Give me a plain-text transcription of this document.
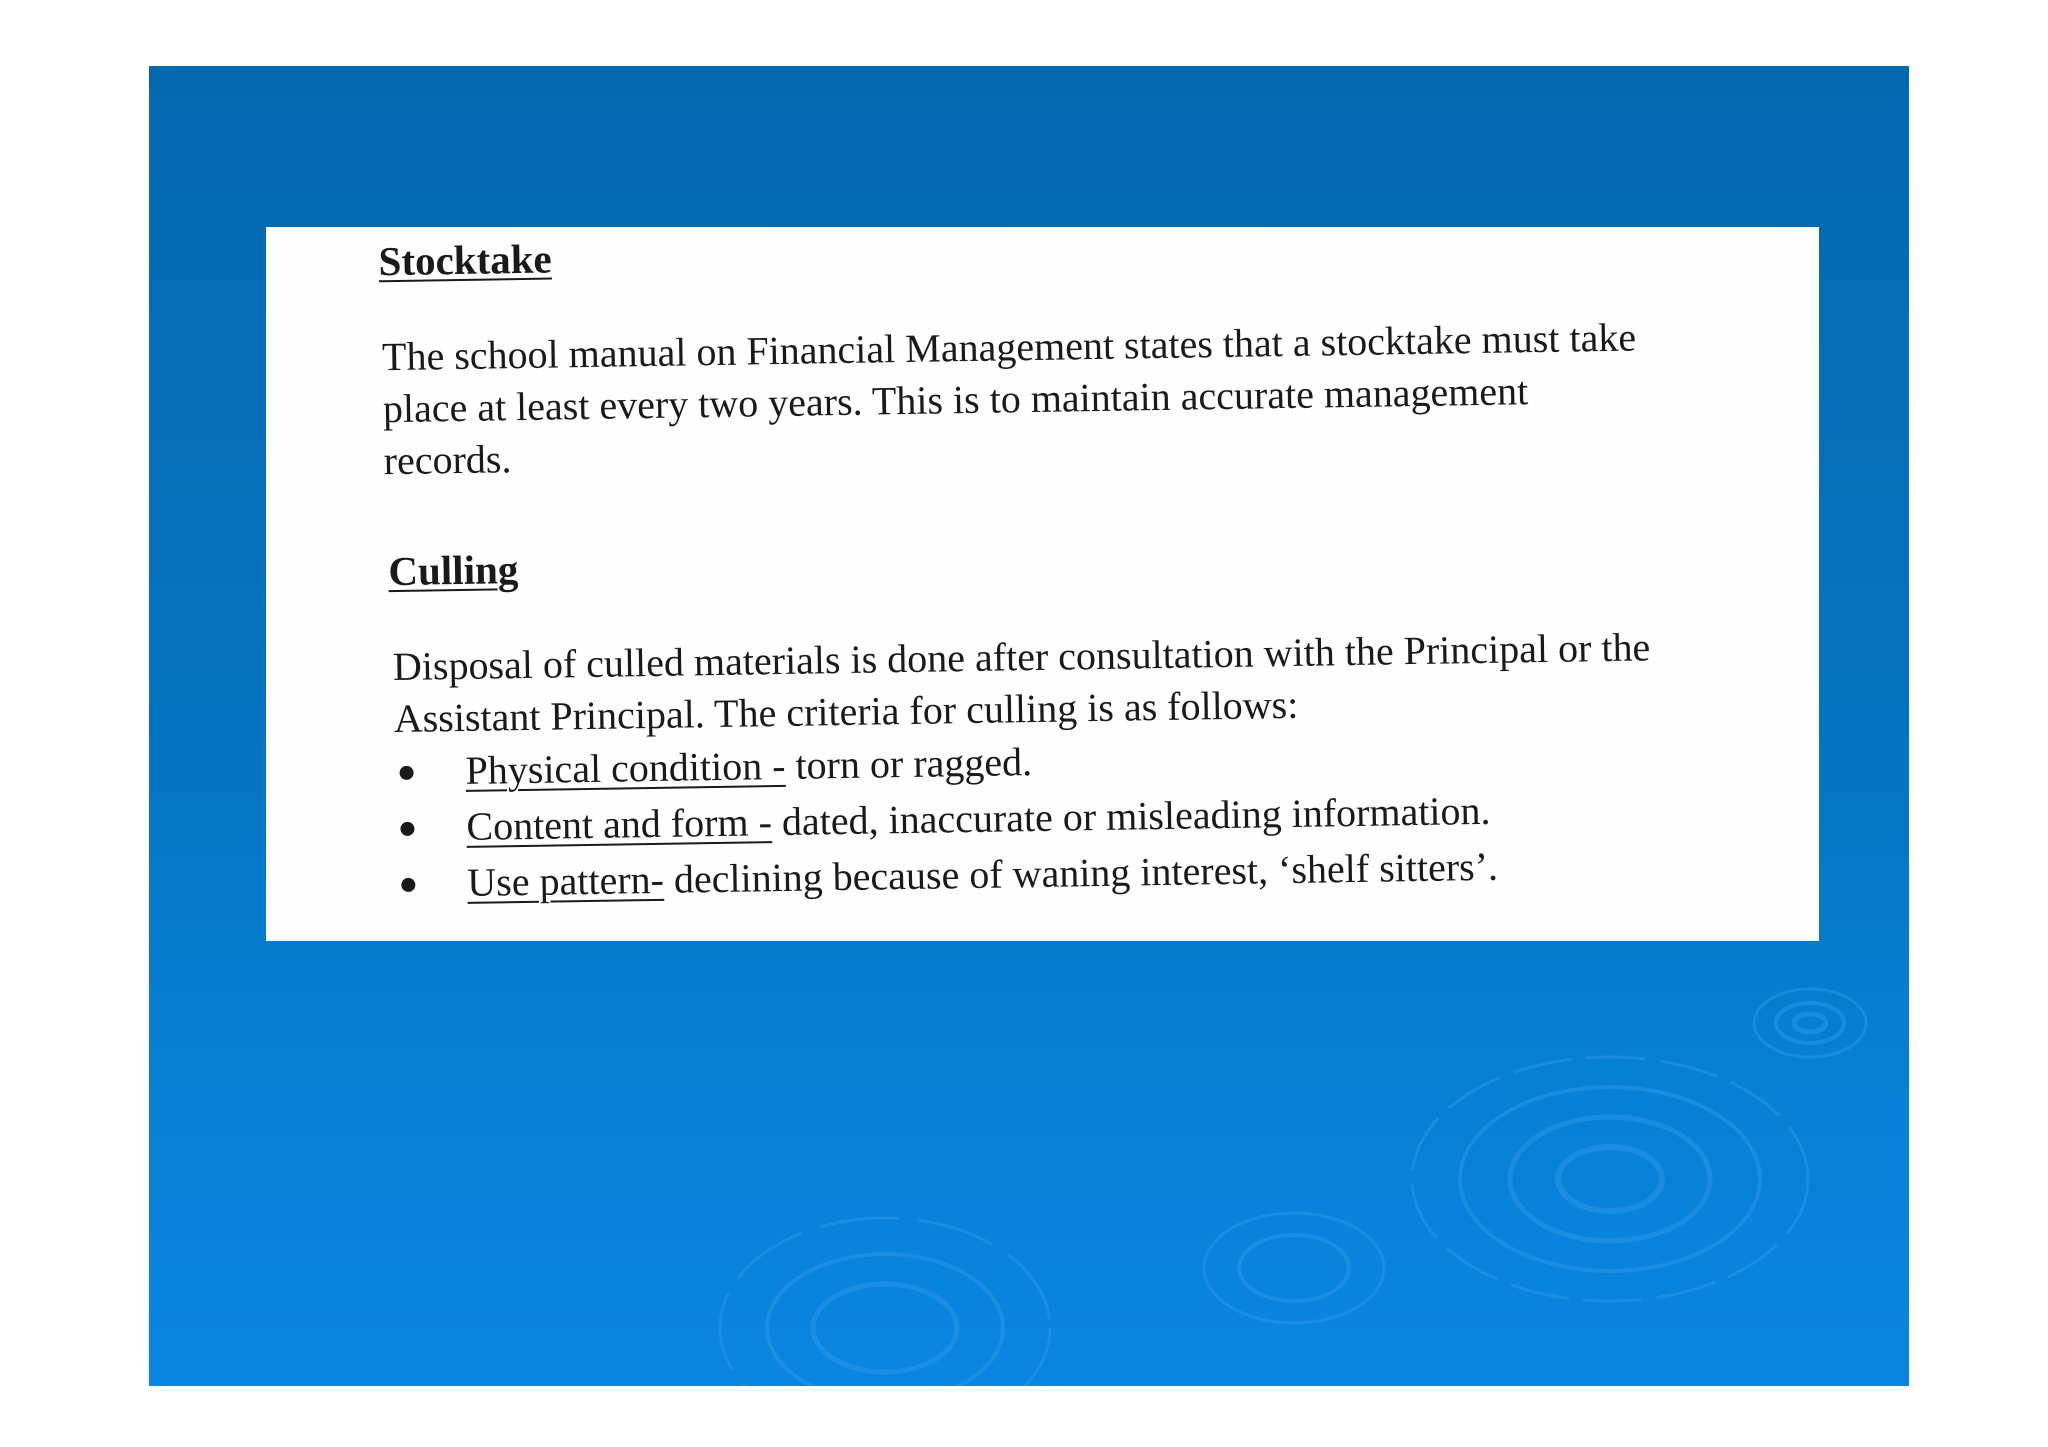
Stocktake
The school manual on Financial Management states that a stocktake must take
place at least every two years. This is to maintain accurate management
records.
Culling
Disposal of culled materials is done after consultation with the Principal or the
Assistant Principal. The criteria for culling is as follows:
Physical condition - torn or ragged.
Content and form - dated, inaccurate or misleading information.
Use pattern- declining because of waning interest, ‘shelf sitters’.
